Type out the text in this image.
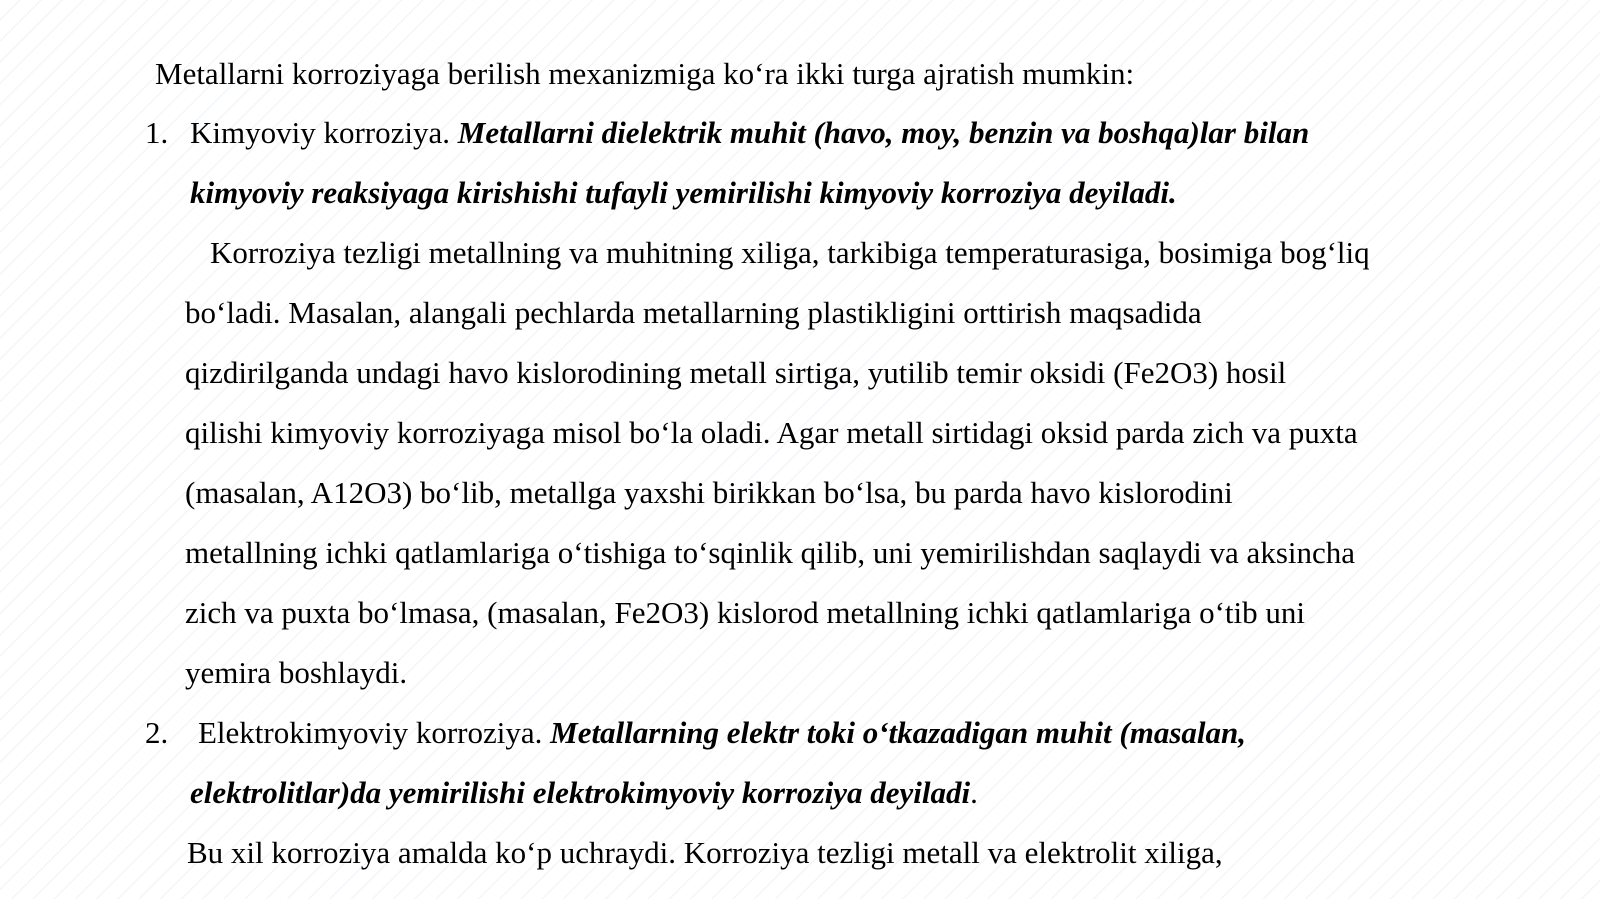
Metallarni korroziyaga berilish mexanizmiga koʻra ikki turga ajratish mumkin:
1. Kimyoviy korroziya. Metallarni dielektrik muhit (havo, moy, benzin va boshqa)lar bilan
kimyoviy reaksiyaga kirishishi tufayli yemirilishi kimyoviy korroziya deyiladi.
Korroziya tezligi metallning va muhitning xiliga, tarkibiga temperaturasiga, bosimiga bogʻliq
boʻladi. Masalan, alangali pechlarda metallarning plastikligini orttirish maqsadida
qizdirilganda undagi havo kislorodining metall sirtiga, yutilib temir oksidi (Fe2O3) hosil
qilishi kimyoviy korroziyaga misol boʻla oladi. Agar metall sirtidagi oksid parda zich va puxta
(masalan, A12O3) boʻlib, metallga yaxshi birikkan boʻlsa, bu parda havo kislorodini
metallning ichki qatlamlariga oʻtishiga toʻsqinlik qilib, uni yemirilishdan saqlaydi va aksincha
zich va puxta boʻlmasa, (masalan, Fe2O3) kislorod metallning ichki qatlamlariga oʻtib uni
yemira boshlaydi.
2. Elektrokimyoviy korroziya. Metallarning elektr toki oʻtkazadigan muhit (masalan,
elektrolitlar)da yemirilishi elektrokimyoviy korroziya deyiladi.
Bu xil korroziya amalda koʻp uchraydi. Korroziya tezligi metall va elektrolit xiliga,
